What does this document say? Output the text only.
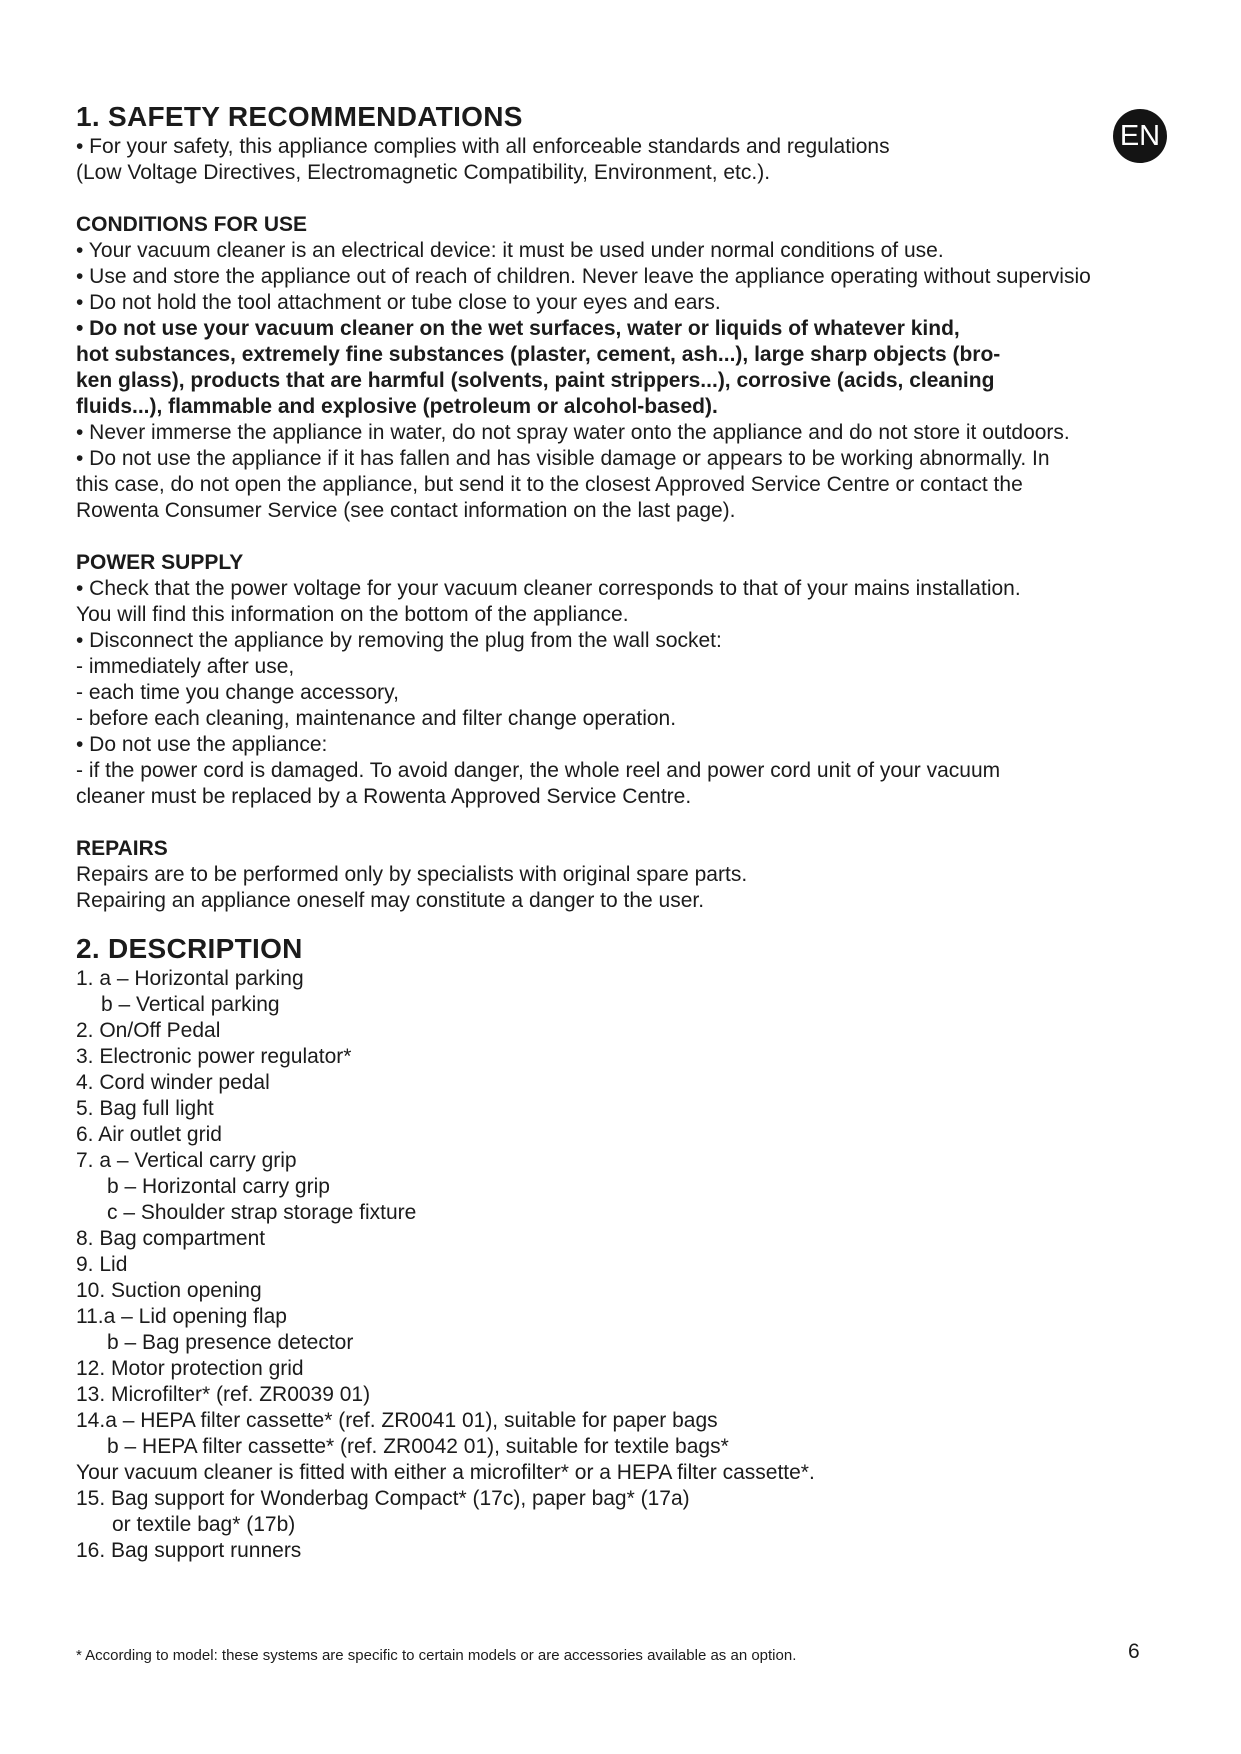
EN
1. SAFETY RECOMMENDATIONS
• For your safety, this appliance complies with all enforceable standards and regulations
(Low Voltage Directives, Electromagnetic Compatibility, Environment, etc.).
CONDITIONS FOR USE
• Your vacuum cleaner is an electrical device: it must be used under normal conditions of use.
• Use and store the appliance out of reach of children. Never leave the appliance operating without supervisio
• Do not hold the tool attachment or tube close to your eyes and ears.
• Do not use your vacuum cleaner on the wet surfaces, water or liquids of whatever kind,
hot substances, extremely fine substances (plaster, cement, ash...), large sharp objects (bro-
ken glass), products that are harmful (solvents, paint strippers...), corrosive (acids, cleaning
fluids...), flammable and explosive (petroleum or alcohol-based).
• Never immerse the appliance in water, do not spray water onto the appliance and do not store it outdoors.
• Do not use the appliance if it has fallen and has visible damage or appears to be working abnormally. In
this case, do not open the appliance, but send it to the closest Approved Service Centre or contact the
Rowenta Consumer Service (see contact information on the last page).
POWER SUPPLY
• Check that the power voltage for your vacuum cleaner corresponds to that of your mains installation.
You will find this information on the bottom of the appliance.
• Disconnect the appliance by removing the plug from the wall socket:
- immediately after use,
- each time you change accessory,
- before each cleaning, maintenance and filter change operation.
• Do not use the appliance:
- if the power cord is damaged. To avoid danger, the whole reel and power cord unit of your vacuum
cleaner must be replaced by a Rowenta Approved Service Centre.
REPAIRS
Repairs are to be performed only by specialists with original spare parts.
Repairing an appliance oneself may constitute a danger to the user.
2. DESCRIPTION
1. a – Horizontal parking
b – Vertical parking
2. On/Off Pedal
3. Electronic power regulator*
4. Cord winder pedal
5. Bag full light
6. Air outlet grid
7. a – Vertical carry grip
b – Horizontal carry grip
c – Shoulder strap storage fixture
8. Bag compartment
9. Lid
10. Suction opening
11.a – Lid opening flap
b – Bag presence detector
12. Motor protection grid
13. Microfilter* (ref. ZR0039 01)
14.a – HEPA filter cassette* (ref. ZR0041 01), suitable for paper bags
b – HEPA filter cassette* (ref. ZR0042 01), suitable for textile bags*
Your vacuum cleaner is fitted with either a microfilter* or a HEPA filter cassette*.
15. Bag support for Wonderbag Compact* (17c), paper bag* (17a)
or textile bag* (17b)
16. Bag support runners
* According to model: these systems are specific to certain models or are accessories available as an option.	6
